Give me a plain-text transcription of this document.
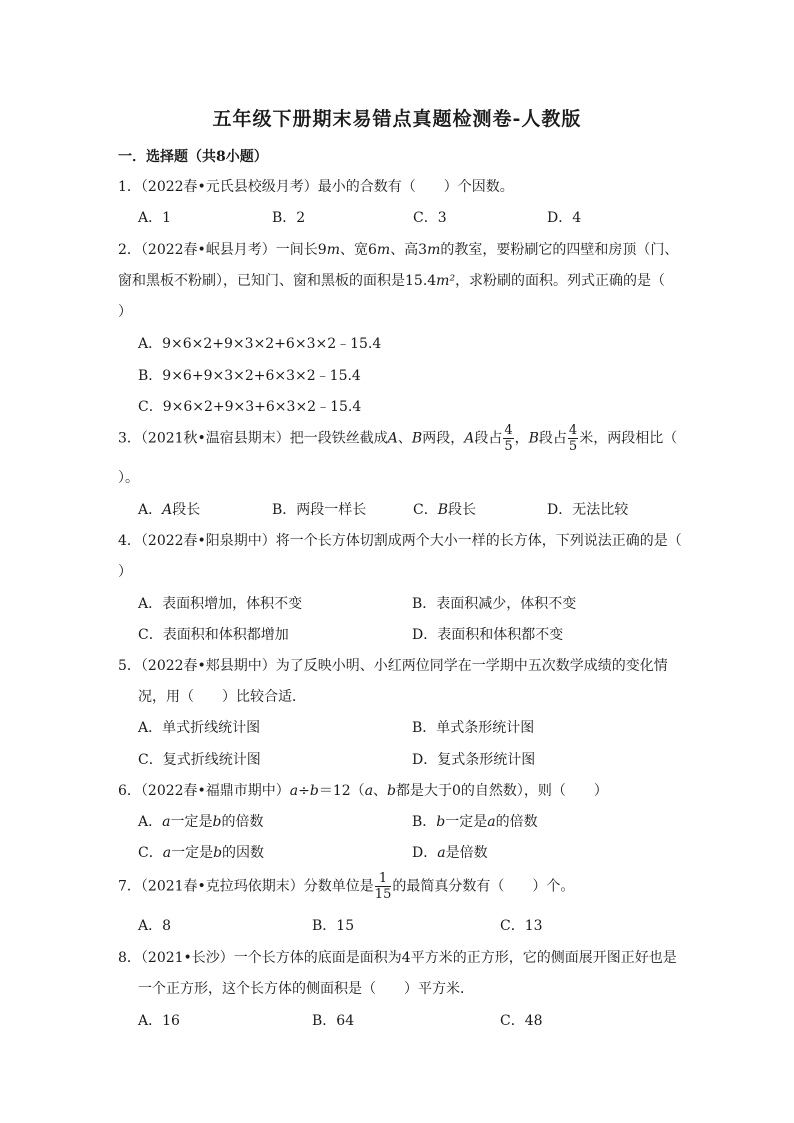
五年级下册期末易错点真题检测卷-人教版
一．选择题（共8小题）
1．（2022春•元氏县校级月考）最小的合数有（　　）个因数。
A．1	B．2	C．3	D．4
2．（2022春•岷县月考）一间长9m、宽6m、高3m的教室，要粉刷它的四壁和房顶（门、
窗和黑板不粉刷），已知门、窗和黑板的面积是15.4m²，求粉刷的面积。列式正确的是（
）
A．9×6×2+9×3×2+6×3×2﹣15.4
B．9×6+9×3×2+6×3×2﹣15.4
C．9×6×2+9×3+6×3×2﹣15.4
3．（2021秋•温宿县期末）把一段铁丝截成A、B两段，A段占 $\frac{4}{5}$ ，B段占 $\frac{4}{5}$ 米，两段相比（
）。
A．A段长	B．两段一样长	C．B段长	D．无法比较
4．（2022春•阳泉期中）将一个长方体切割成两个大小一样的长方体，下列说法正确的是（
）
A．表面积增加，体积不变	B．表面积减少，体积不变
C．表面积和体积都增加	D．表面积和体积都不变
5．（2022春•郏县期中）为了反映小明、小红两位同学在一学期中五次数学成绩的变化情
况，用（　　）比较合适．
A．单式折线统计图	B．单式条形统计图
C．复式折线统计图	D．复式条形统计图
6．（2022春•福鼎市期中）a÷b＝12（a、b都是大于0的自然数），则（　　）
A．a一定是b的倍数	B．b一定是a的倍数
C．a一定是b的因数	D．a是倍数
7．（2021春•克拉玛依期末）分数单位是 $\frac{1}{15}$ 的最简真分数有（　　）个。
A．8	B．15	C．13
8．（2021•长沙）一个长方体的底面是面积为4平方米的正方形，它的侧面展开图正好也是
一个正方形，这个长方体的侧面积是（　　）平方米．
A．16	B．64	C．48
